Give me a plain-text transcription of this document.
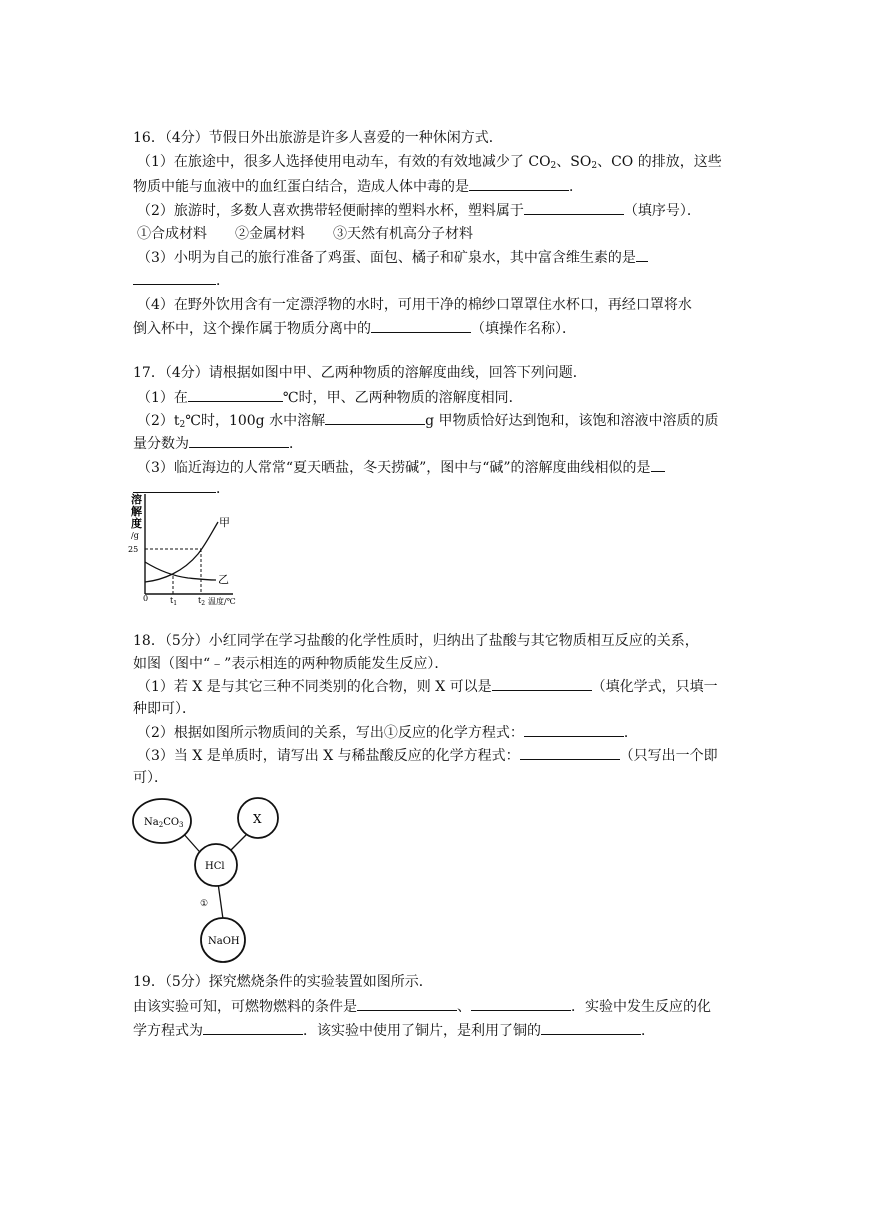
16．（4分）节假日外出旅游是许多人喜爱的一种休闲方式．
（1）在旅途中，很多人选择使用电动车，有效的有效地减少了 $CO_2$、$SO_2$、CO 的排放，这些
物质中能与血液中的血红蛋白结合，造成人体中毒的是	．
（2）旅游时，多数人喜欢携带轻便耐摔的塑料水杯，塑料属于	（填序号）．
①合成材料　　②金属材料　　③天然有机高分子材料
（3）小明为自己的旅行准备了鸡蛋、面包、橘子和矿泉水，其中富含维生素的是
．
（4）在野外饮用含有一定漂浮物的水时，可用干净的棉纱口罩罩住水杯口，再经口罩将水
倒入杯中，这个操作属于物质分离中的	（填操作名称）．
17．（4分）请根据如图中甲、乙两种物质的溶解度曲线，回答下列问题．
（1）在	℃时，甲、乙两种物质的溶解度相同．
$(2)t_2℃$时，100g 水中溶解	g 甲物质恰好达到饱和，该饱和溶液中溶质的质
量分数为	．
（3）临近海边的人常常“夏天晒盐，冬天捞碱”，图中与“碱”的溶解度曲线相似的是
．
溶
解
度
/g
25
0
甲
乙
$t_1$	$t_2$ 温度/℃
18．（5分）小红同学在学习盐酸的化学性质时，归纳出了盐酸与其它物质相互反应的关系，
如图（图中“﹣”表示相连的两种物质能发生反应）．
（1）若 X 是与其它三种不同类别的化合物，则 X 可以是	（填化学式，只填一
种即可）．
（2）根据如图所示物质间的关系，写出①反应的化学方程式：	．
（3）当 X 是单质时，请写出 X 与稀盐酸反应的化学方程式：	（只写出一个即
可）．
$Na_2CO_3$	X
HCl
NaOH
①
19．（5分）探究燃烧条件的实验装置如图所示．
由该实验可知，可燃物燃料的条件是	、	．实验中发生反应的化
学方程式为	．该实验中使用了铜片，是利用了铜的	．
